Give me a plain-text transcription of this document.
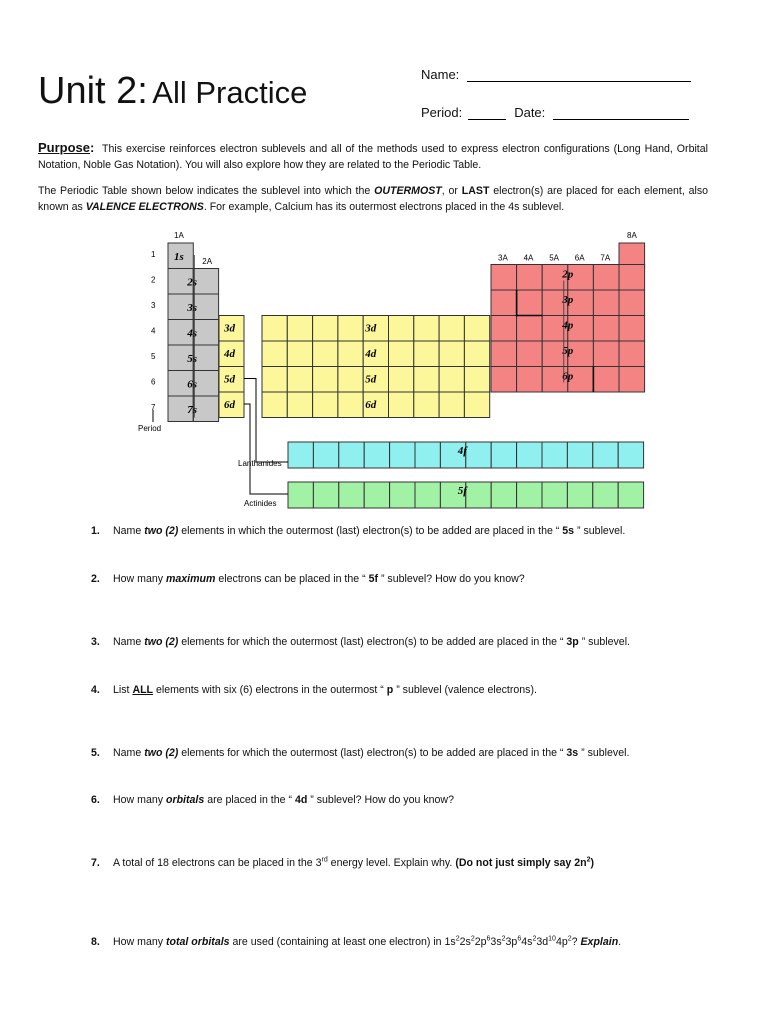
Unit 2: All Practice
Name:
Period:	Date:
Purpose: This exercise reinforces electron sublevels and all of the methods used to express electron configurations (Long Hand, Orbital Notation, Noble Gas Notation). You will also explore how they are related to the Periodic Table.
The Periodic Table shown below indicates the sublevel into which the OUTERMOST, or LAST electron(s) are placed for each element, also known as VALENCE ELECTRONS. For example, Calcium has its outermost electrons placed in the 4s sublevel.
1s
2s
3s
4s
5s
6s
7s
3d
4d
5d
6d
3d
4d
5d
6d
2p
3p
4p
5p
6p
1A
2A	3A 4A 5A 6A 7A
8A
1
2
3
4
5
6
7
Period
4f
5f
Lanthanides
Actinides
1. Name two (2) elements in which the outermost (last) electron(s) to be added are placed in the “ 5s ” sublevel.
2. How many maximum electrons can be placed in the “ 5f ” sublevel? How do you know?
3. Name two (2) elements for which the outermost (last) electron(s) to be added are placed in the “ 3p ” sublevel.
4. List ALL elements with six (6) electrons in the outermost “ p ” sublevel (valence electrons).
5. Name two (2) elements for which the outermost (last) electron(s) to be added are placed in the “ 3s ” sublevel.
6. How many orbitals are placed in the “ 4d ” sublevel? How do you know?
7. A total of 18 electrons can be placed in the 3rd energy level. Explain why. (Do not just simply say $2n^2$)
8. How many total orbitals are used (containing at least one electron) in $1s^22s^22p^63s^23p^64s^23d^{10}4p^2$? Explain.
